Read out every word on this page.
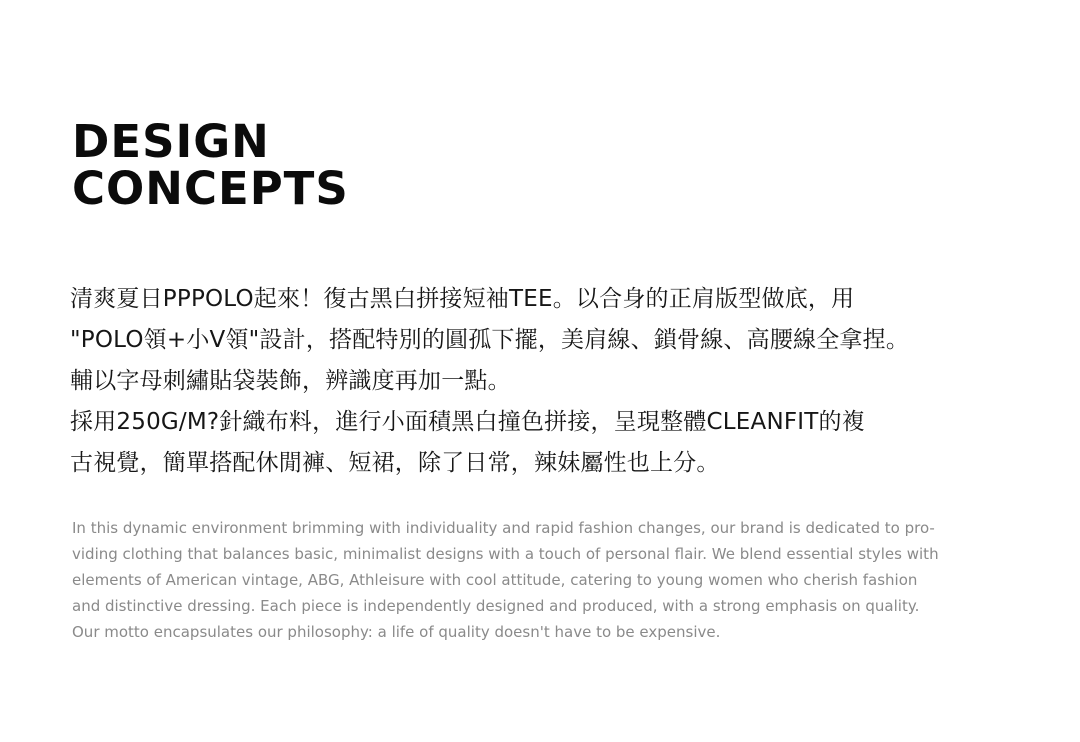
DESIGN
CONCEPTS
清爽夏日PPPOLO起來！復古黑白拼接短袖TEE。以合身的正肩版型做底，用
"POLO領+小V領"設計，搭配特別的圓孤下擺，美肩線、鎖骨線、高腰線全拿捏。
輔以字母刺繡貼袋裝飾，辨識度再加一點。
採用250G/M?針織布料，進行小面積黑白撞色拼接，呈現整體CLEANFIT的複
古視覺，簡單搭配休閒褲、短裙，除了日常，辣妹屬性也上分。
In this dynamic environment brimming with individuality and rapid fashion changes, our brand is dedicated to pro-
viding clothing that balances basic, minimalist designs with a touch of personal flair. We blend essential styles with
elements of American vintage, ABG, Athleisure with cool attitude, catering to young women who cherish fashion
and distinctive dressing. Each piece is independently designed and produced, with a strong emphasis on quality.
Our motto encapsulates our philosophy: a life of quality doesn't have to be expensive.
